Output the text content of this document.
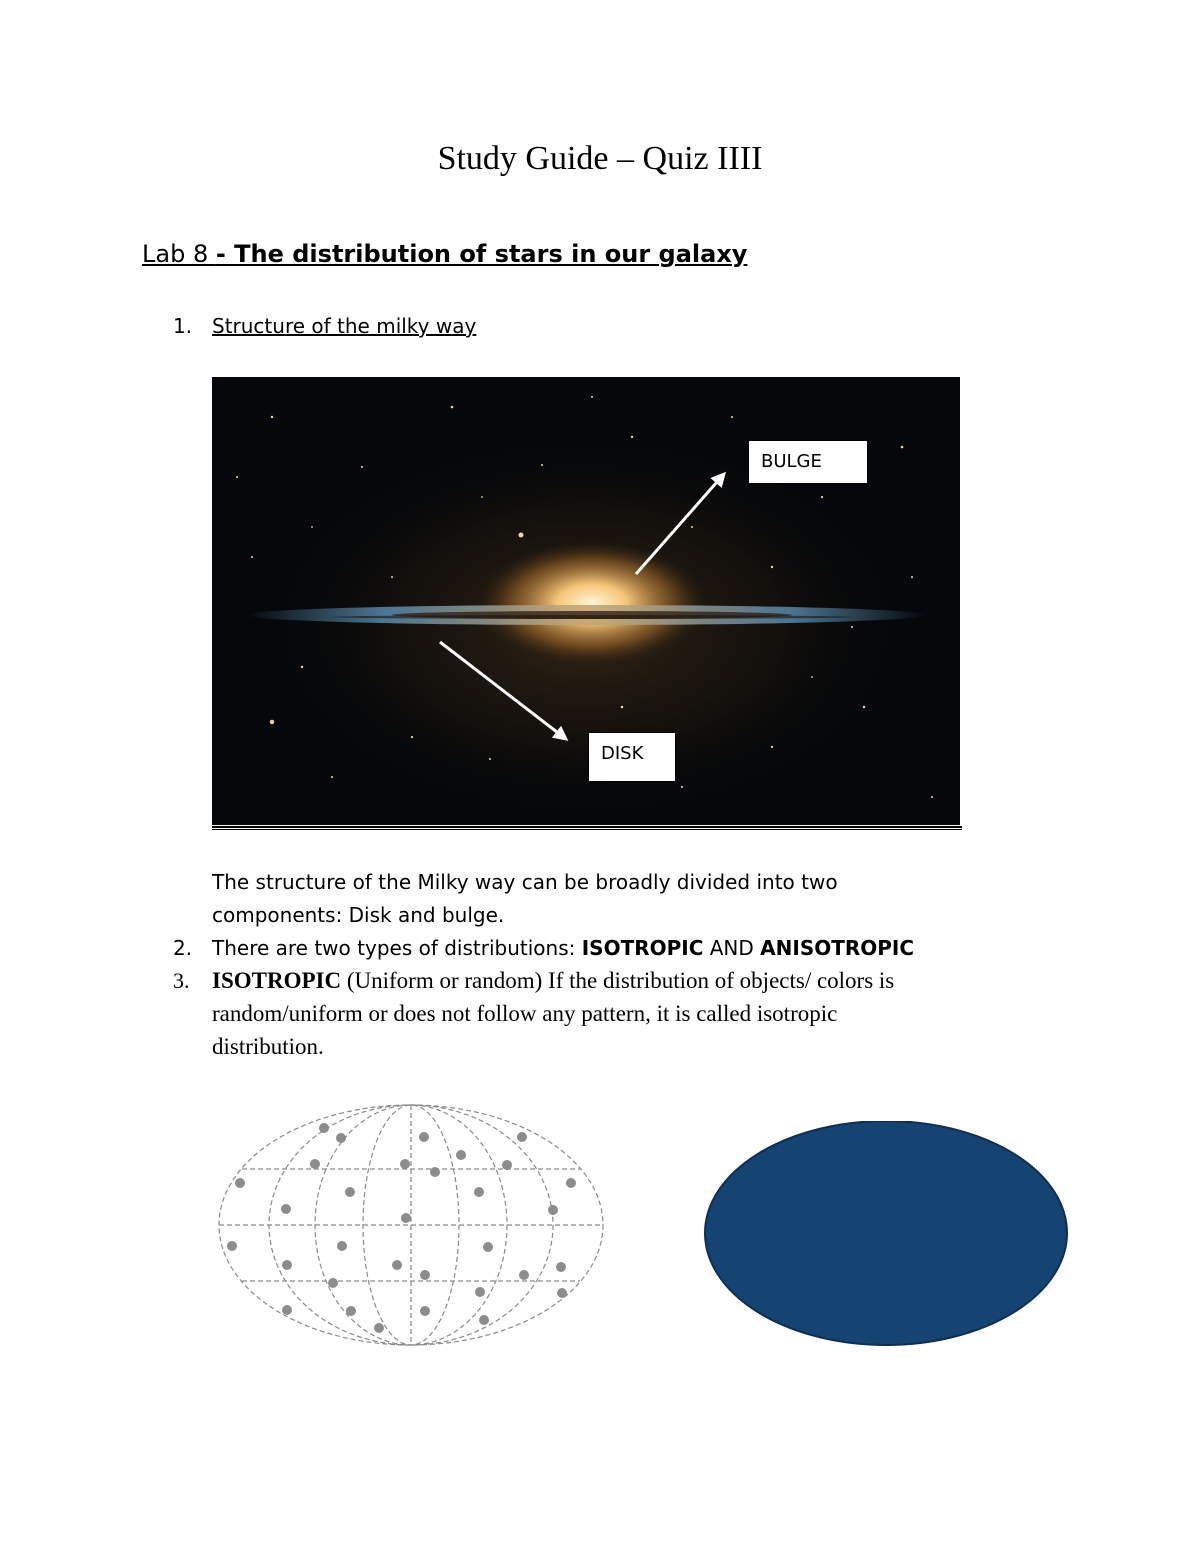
Study Guide – Quiz IIII
Lab 8 - The distribution of stars in our galaxy
1. Structure of the milky way
BULGE
DISK
The structure of the Milky way can be broadly divided into two
components: Disk and bulge.
2. There are two types of distributions: ISOTROPIC AND ANISOTROPIC
3. ISOTROPIC (Uniform or random) If the distribution of objects/ colors is
random/uniform or does not follow any pattern, it is called isotropic
distribution.
